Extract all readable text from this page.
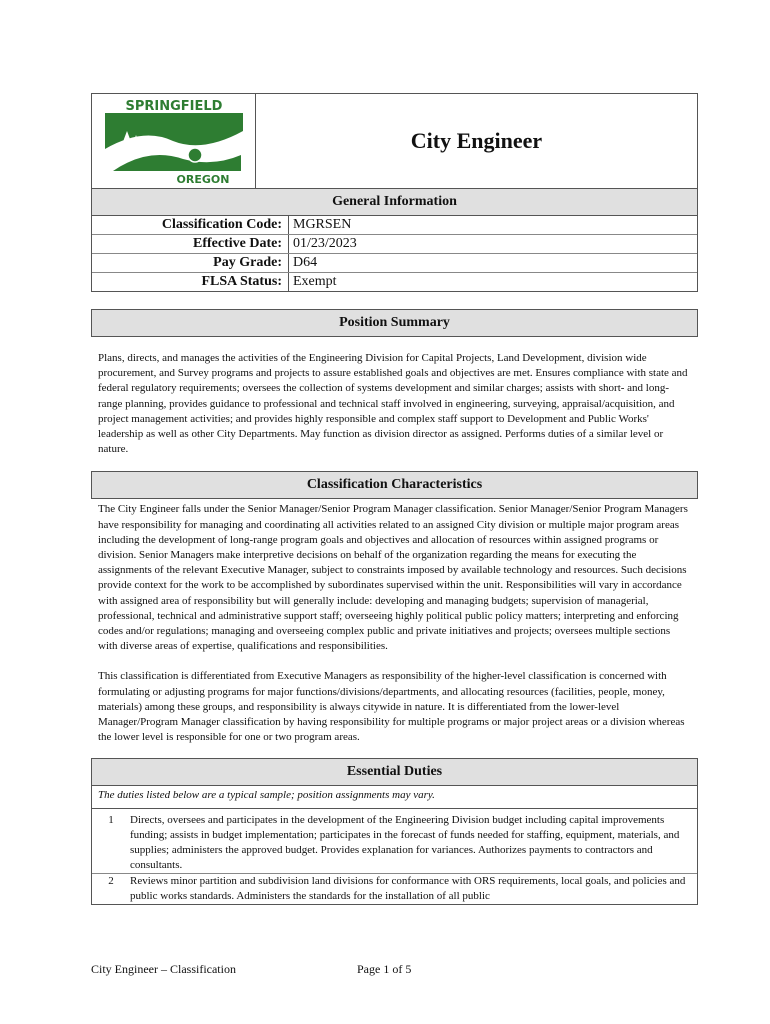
SPRINGFIELD
OREGON
City Engineer
General Information
Classification Code: MGRSEN
Effective Date: 01/23/2023
Pay Grade: D64
FLSA Status: Exempt
Position Summary

Plans, directs, and manages the activities of the Engineering Division for Capital Projects, Land Development, division wide procurement, and Survey programs and projects to assure established goals and objectives are met. Ensures compliance with state and federal regulatory requirements; oversees the collection of systems development and similar charges; assists with short- and long-range planning, provides guidance to professional and technical staff involved in engineering, surveying, appraisal/acquisition, and project management activities; and provides highly responsible and complex staff support to Development and Public Works' leadership as well as other City Departments. May function as division director as assigned. Performs duties of a similar level or nature.

Classification Characteristics

The City Engineer falls under the Senior Manager/Senior Program Manager classification. Senior Manager/Senior Program Managers have responsibility for managing and coordinating all activities related to an assigned City division or multiple major program areas including the development of long-range program goals and objectives and allocation of resources within assigned programs or division. Senior Managers make interpretive decisions on behalf of the organization regarding the means for executing the assignments of the relevant Executive Manager, subject to constraints imposed by available technology and resources. Such decisions provide context for the work to be accomplished by subordinates supervised within the unit. Responsibilities will vary in accordance with assigned area of responsibility but will generally include: developing and managing budgets; supervision of managerial, professional, technical and administrative support staff; overseeing highly political public policy matters; interpreting and enforcing codes and/or regulations; managing and overseeing complex public and private initiatives and projects; oversees multiple sections with diverse areas of expertise, qualifications and responsibilities.

This classification is differentiated from Executive Managers as responsibility of the higher-level classification is concerned with formulating or adjusting programs for major functions/divisions/departments, and allocating resources (facilities, people, money, materials) among these groups, and responsibility is always citywide in nature. It is differentiated from the lower-level Manager/Program Manager classification by having responsibility for multiple programs or major project areas or a division whereas the lower level is responsible for one or two program areas.

Essential Duties
The duties listed below are a typical sample; position assignments may vary.
1	Directs, oversees and participates in the development of the Engineering Division budget including capital improvements funding; assists in budget implementation; participates in the forecast of funds needed for staffing, equipment, materials, and supplies; administers the approved budget. Provides explanation for variances. Authorizes payments to contractors and consultants.
2	Reviews minor partition and subdivision land divisions for conformance with ORS requirements, local goals, and policies and public works standards. Administers the standards for the installation of all public
City Engineer – Classification	Page 1 of 5
